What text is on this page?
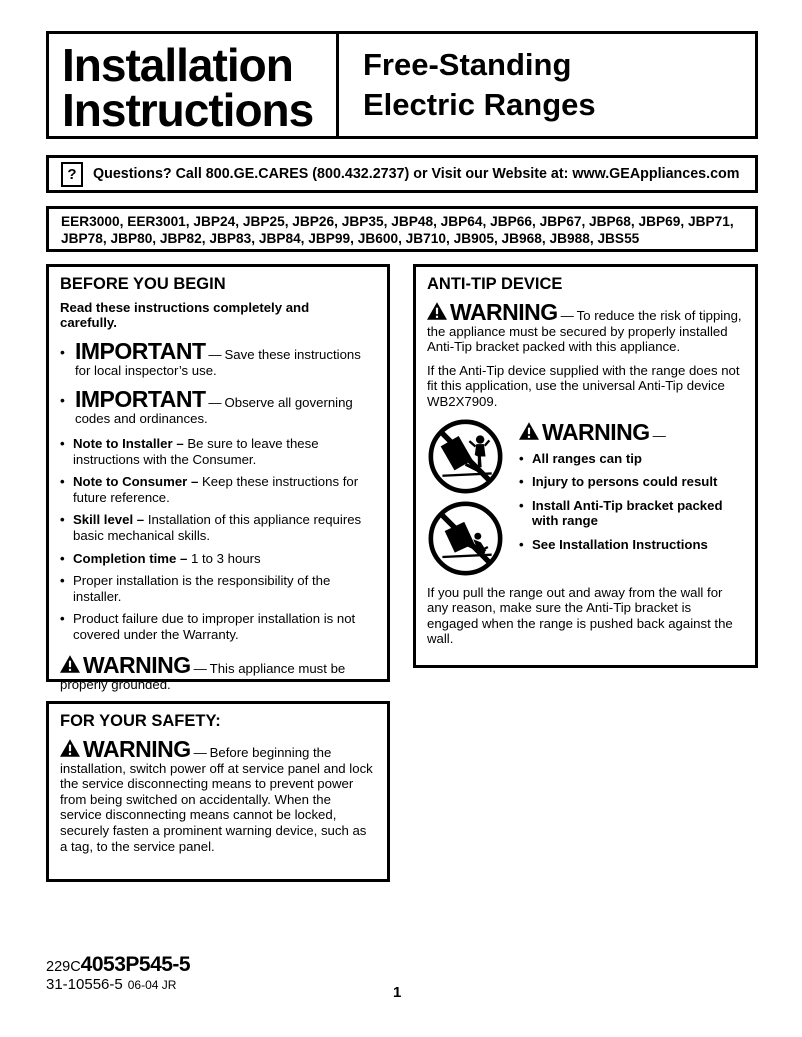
Installation
Instructions
Free-Standing
Electric Ranges
?	Questions? Call 800.GE.CARES (800.432.2737) or Visit our Website at: www.GEAppliances.com
EER3000, EER3001, JBP24, JBP25, JBP26, JBP35, JBP48, JBP64, JBP66, JBP67, JBP68, JBP69, JBP71, JBP78, JBP80, JBP82, JBP83, JBP84, JBP99, JB600, JB710, JB905, JB968, JB988, JBS55
BEFORE YOU BEGIN

Read these instructions completely and carefully.

• IMPORTANT — Save these instructions for local inspector’s use.
• IMPORTANT — Observe all governing codes and ordinances.
• Note to Installer – Be sure to leave these instructions with the Consumer.
• Note to Consumer – Keep these instructions for future reference.
• Skill level – Installation of this appliance requires basic mechanical skills.
• Completion time – 1 to 3 hours
• Proper installation is the responsibility of the installer.
• Product failure due to improper installation is not covered under the Warranty.

WARNING — This appliance must be properly grounded.

ANTI-TIP DEVICE

WARNING — To reduce the risk of tipping, the appliance must be secured by properly installed Anti-Tip bracket packed with this appliance.

If the Anti-Tip device supplied with the range does not fit this application, use the universal Anti-Tip device WB2X7909.

WARNING —

• All ranges can tip
• Injury to persons could result
• Install Anti-Tip bracket packed with range
• See Installation Instructions

If you pull the range out and away from the wall for any reason, make sure the Anti-Tip bracket is engaged when the range is pushed back against the wall.

FOR YOUR SAFETY:

WARNING — Before beginning the installation, switch power off at service panel and lock the service disconnecting means to prevent power from being switched on accidentally. When the service disconnecting means cannot be locked, securely fasten a prominent warning device, such as a tag, to the service panel.

229C4053P545-5
31-10556-5 06-04 JR	1
